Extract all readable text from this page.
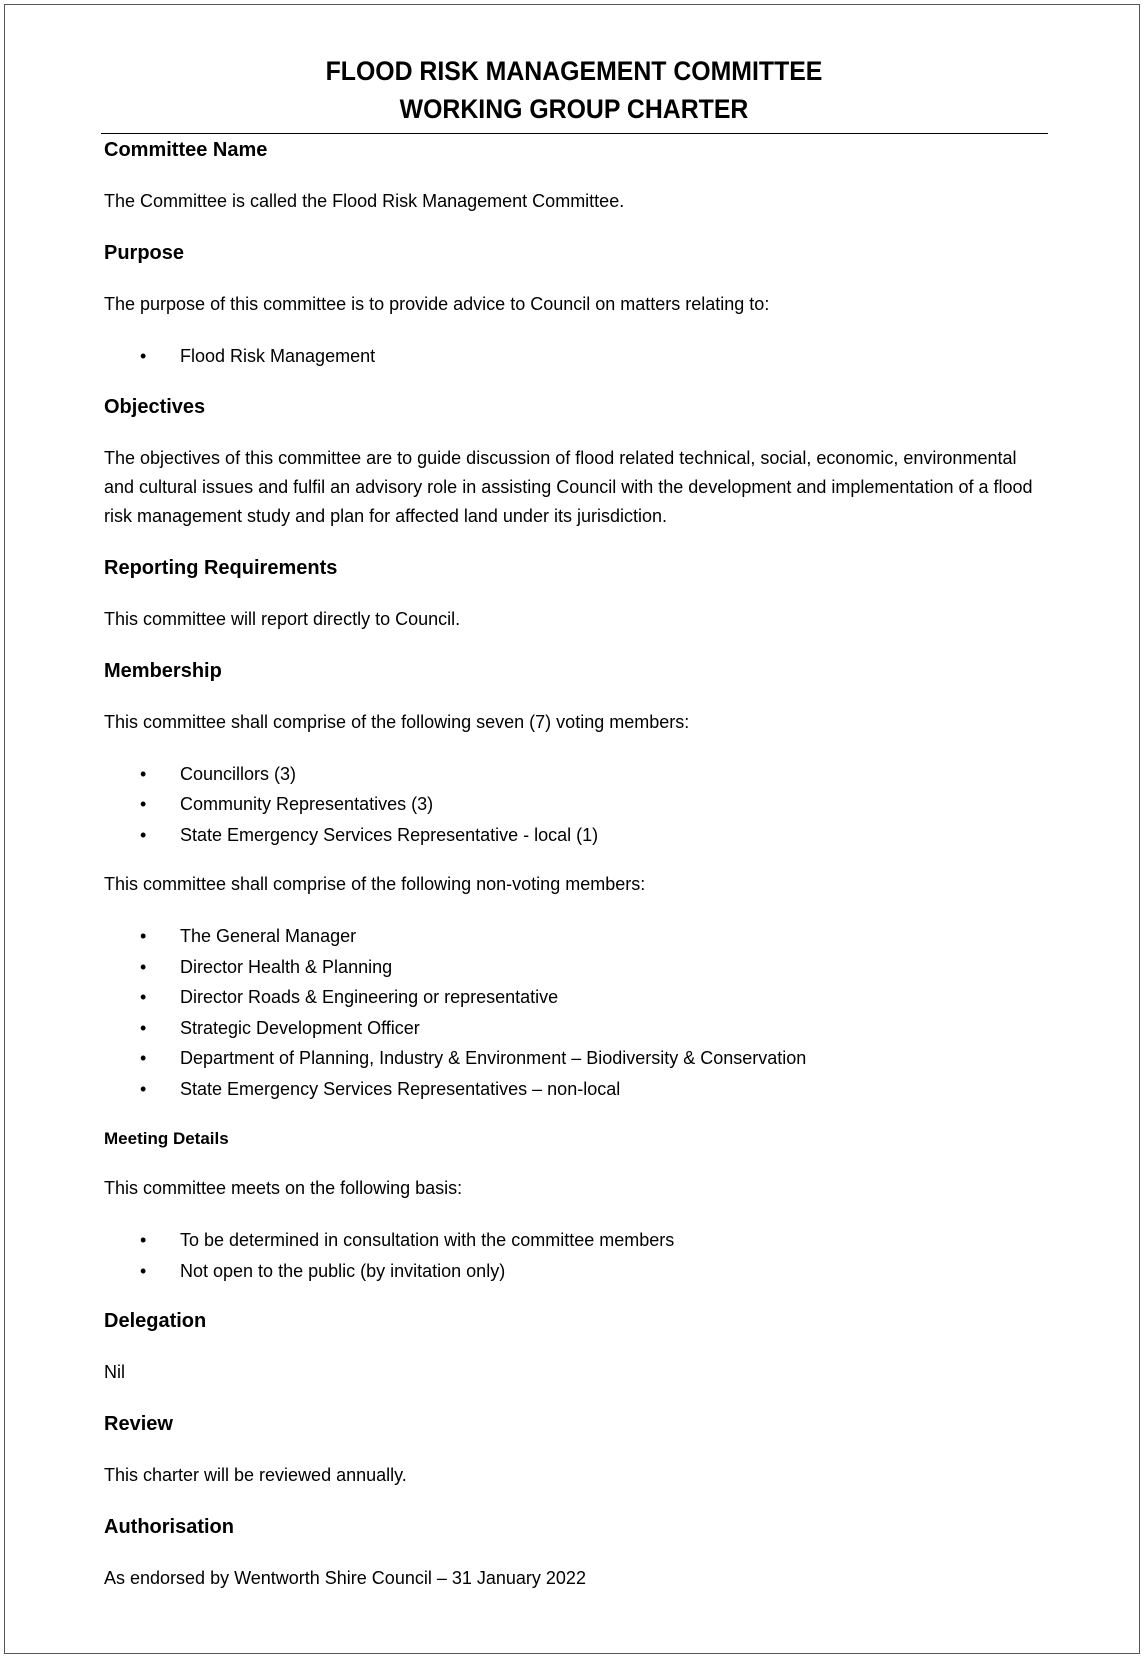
FLOOD RISK MANAGEMENT COMMITTEE
WORKING GROUP CHARTER
Committee Name

The Committee is called the Flood Risk Management Committee.

Purpose

The purpose of this committee is to provide advice to Council on matters relating to:

• Flood Risk Management
Objectives

The objectives of this committee are to guide discussion of flood related technical, social, economic, environmental and cultural issues and fulfil an advisory role in assisting Council with the development and implementation of a flood risk management study and plan for affected land under its jurisdiction.

Reporting Requirements

This committee will report directly to Council.

Membership

This committee shall comprise of the following seven (7) voting members:

• Councillors (3)
• Community Representatives (3)
• State Emergency Services Representative - local (1)

This committee shall comprise of the following non-voting members:

• The General Manager
• Director Health & Planning
• Director Roads & Engineering or representative
• Strategic Development Officer
• Department of Planning, Industry & Environment – Biodiversity & Conservation
• State Emergency Services Representatives – non-local
Meeting Details

This committee meets on the following basis:

• To be determined in consultation with the committee members
• Not open to the public (by invitation only)
Delegation

Nil

Review

This charter will be reviewed annually.

Authorisation

As endorsed by Wentworth Shire Council – 31 January 2022
